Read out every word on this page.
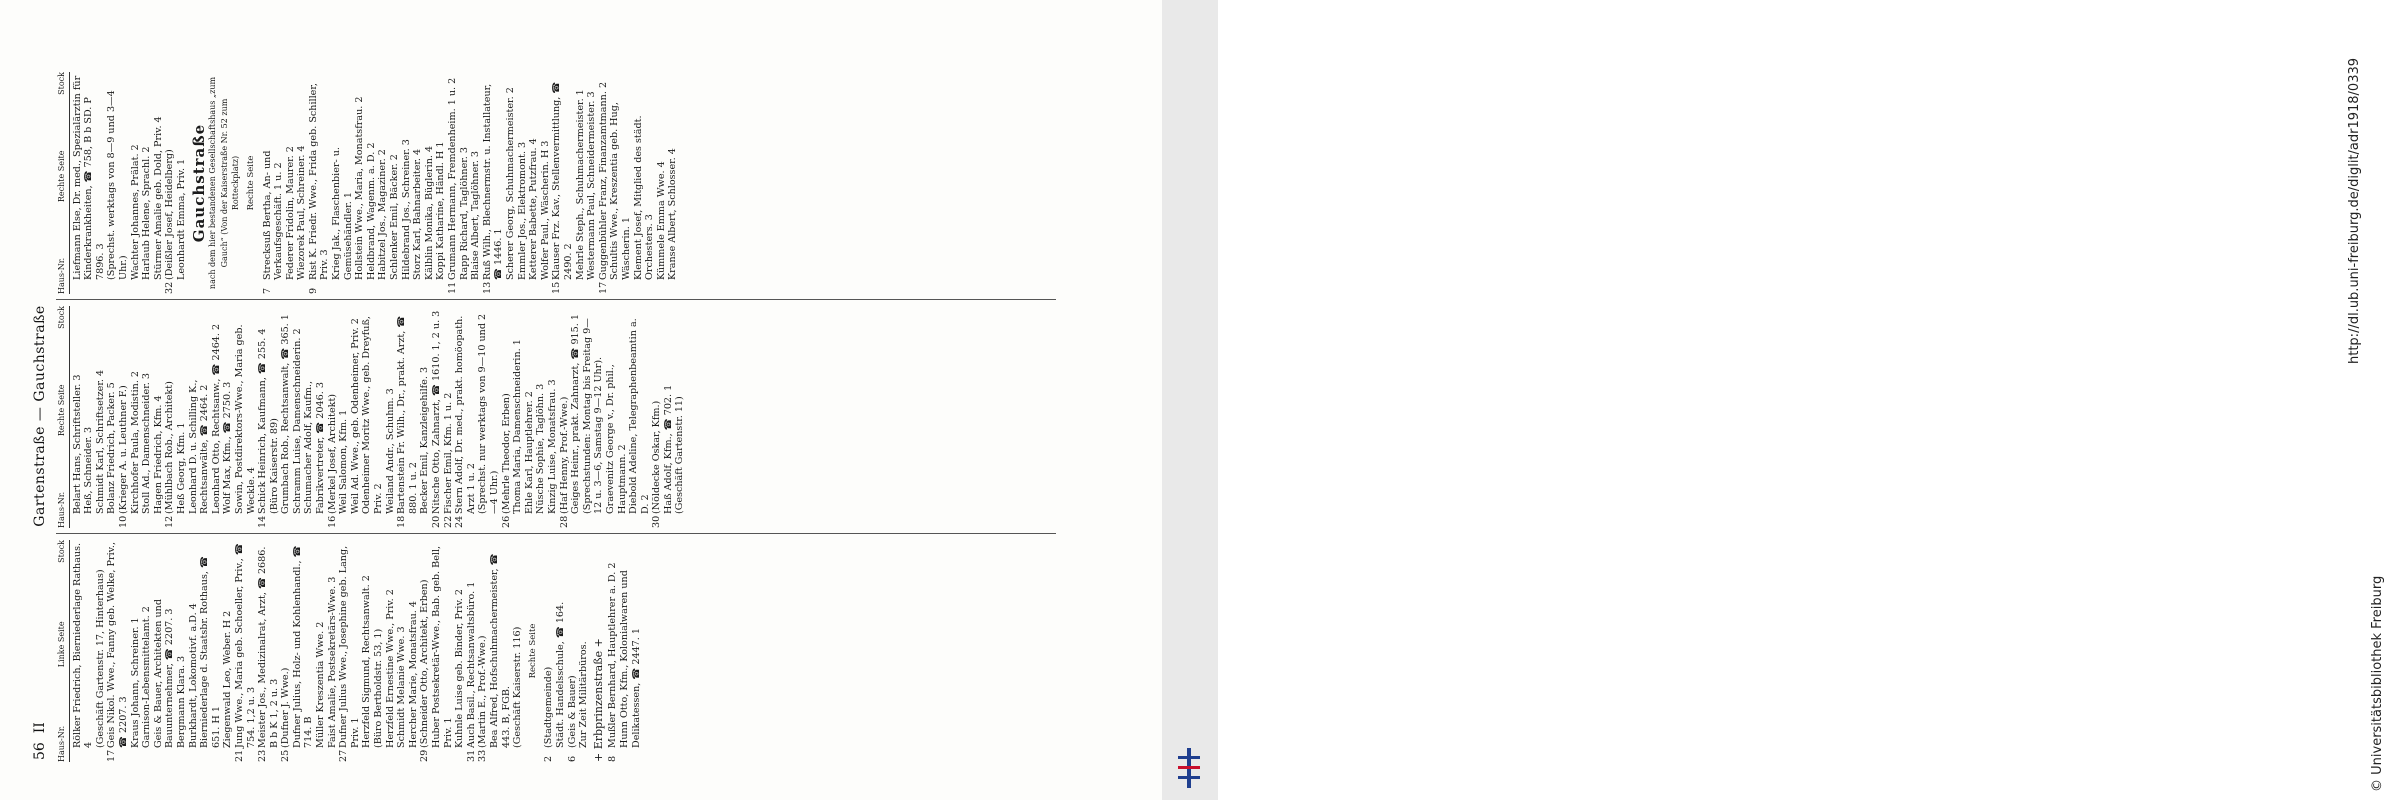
56  II
Gartenstraße — Gauchstraße
Haus-Nr.
Linke Seite
Stock Rölker Friedrich, Bierniederlage Rathaus. 4 (Geschäft Gartenstr. 17, Hinterhaus)
17
Geis Nikol. Wwe., Fanny geb. Welke, Priv., ☎ 2207. 3 Kraus Johann, Schreiner. 1 Garnison-Lebensmittelamt. 2 Geis & Bauer, Architekten und Bauunternehmer, ☎ 2207. 3 Bergmann Klara. 3 Burkhardt, Lokomotivf. a.D. 4 Bierniederlage d. Staatsbr. Rothaus, ☎ 651. H 1 Ziegenwald Leo, Weber. H 2
21
Jung Wwe., Maria geb. Schoeller, Priv., ☎ 754. 1,2 u. 3
23
Meister Jos., Medizinalrat, Arzt, ☎ 2686. B b K 1, 2 u. 3
25
(Dufner J. Wwe.) Dufner Julius, Holz- und Kohlenhandl., ☎ 714. B Müller Kreszentia Wwe. 2 Faist Amalie, Postsekretärs-Wwe. 3
27
Dufner Julius Wwe., Josephine geb. Lang, Priv. 1 Herzfeld Sigmund, Rechtsanwalt. 2 (Büro Bertholdstr. 53, 1) Herzfeld Ernestine Wwe., Priv. 2 Schmidt Melanie Wwe. 3 Hercher Marie, Monatsfrau. 4
29
(Schneider Otto, Architekt, Erben) Huber Postsekretär-Wwe., Bab. geb. Bell, Priv. 1 Kuhnle Luise geb. Binder, Priv. 2
31
Auch Basil., Rechtsanwaltsbüro. 1
33
(Martin E., Prof.-Wwe.) Bea Alfred, Hofschuhmachermeister, ☎ 443. B, FGB. (Geschäft Kaiserstr. 116) Rechte Seite
2
(Stadtgemeinde) Städt. Handelsschule, ☎ 164.
6
(Geis & Bauer) Zur Zeit Militärbüros. + Erbprinzenstraße + 8
Mußler Bernhard, Hauptlehrer a. D. 2 Hunn Otto, Kfm., Kolonialwaren und Delikatessen, ☎ 2447. 1
Haus-Nr.
Rechte Seite
Stock
Belart Hans, Schriftsteller. 3 Heß, Schneider. 3 Schmidt Karl, Schriftsetzer. 4 Bolanz Friedrich, Packer. 5
10
(Krieger A. u. Leuthner F.) Kirchhofer Paula, Modistin. 2 Stoll Ad., Damenschneider. 3 Hagen Friedrich, Kfm. 4
12
(Mühlbach Rob., Architekt) Heß Georg, Kfm. 1 Leonhard D. u. Schilling K., Rechtsanwälte, ☎ 2464. 2 Leonhard Otto, Rechtsanw., ☎ 2464. 2 Wolf Max, Kfm., ☎ 2750. 3 Sowin, Postdirektors-Wwe., Maria geb. Weckle. 4
14
Schick Heinrich, Kaufmann, ☎ 255. 4 (Büro Kaiserstr. 89) Grumbach Rob., Rechtsanwalt, ☎ 365. 1 Schramm Luise, Damenschneiderin. 2 Schumacher Adolf, Kaufm., Fabrikvertreter, ☎ 2046. 3
16
(Merkel Josef, Architekt) Weil Salomon, Kfm. 1 Weil Ad. Wwe., geb. Odenheimer, Priv. 2 Odenheimer Moritz Wwe., geb. Dreyfuß, Priv. 2 Weiland Andr., Schuhm. 3
18
Bartenstein Fr. Wilh., Dr., prakt. Arzt, ☎ 880. 1 u. 2 Becker Emil, Kanzleigehilfe. 3
20
Nitsche Otto, Zahnarzt, ☎ 1610. 1, 2 u. 3
22
Fischer Emil, Kfm. 1 u. 2
24
Stern Adolf, Dr. med., prakt. homöopath. Arzt 1 u. 2 (Sprechst. nur werktags von 9—10 und 2—4 Uhr.)
26
(Mehrle Theodor, Erben) Thoma Maria, Damenschneiderin. 1 Ehle Karl, Hauptlehrer. 2 Nüsche Sophie, Taglöhn. 3 Kinzig Luise, Monatsfrau. 3
28
(Haf Henny, Prof.-Wwe.) Geiges Heinr., prakt. Zahnarzt, ☎ 915. 1 (Sprechstunden: Montag bis Freitag 9—12 u. 3—6, Samstag 9—12 Uhr). Graevenitz George v., Dr. phil., Hauptmann. 2 Diebold Adeline, Telegraphenbeamtin a. D. 2
30
(Nöldecke Oskar, Kfm.) Haß Adolf, Kfm., ☎ 702. 1 (Geschäft Gartenstr. 11)
Haus-Nr.
Rechte Seite
Stock Liefmann Else, Dr. med., Spezialärztin für Kinderkrankheiten, ☎ 758, B b SD. P 7896. 3 (Sprechst. werktags von 8—9 und 3—4 Uhr.) Wachter Johannes, Prälat. 2 Harlaub Helene, Sprachl. 2 Stürmer Amalie geb. Dold, Priv. 4
32
(Deißler Josef, Heidelberg) Leonhardt Emma, Priv. 1 Gauchstraße nach dem hier bestandenen Gesellschaftshaus „zum Gauch“ (Von der Kaiserstraße Nr. 52 zum Rotteckplatz) Rechte Seite
7
Strecksuß Bertha, An- und Verkaufsgeschäft. 1 u. 2 Federer Fridolin, Maurer. 2 Wiezorek Paul, Schreiner. 4
9
Rist K. Friedr. Wwe., Frida geb. Schiller, Priv. 3 Krieg Jak., Flaschenbier- u. Gemüsehändler. 1 Hollstein Wwe., Maria, Monatsfrau. 2 Heldbrand, Wagenm. a. D. 2 Habitzel Jos., Magaziner. 2 Schlenker Emil, Bäcker. 2 Hildebrand Jos., Schreiner. 3 Storz Karl, Bahnarbeiter. 4 Kälblin Monika, Büglerin. 4 Koppi Katharine, Händl. H 1
11
Grumann Hermann, Fremdenheim. 1 u. 2 Rapp Richard, Taglöhner. 3 Blaise Albert, Taglöhner. 3
13
Ruß Wilh., Blechnermstr. u. Installateur, ☎ 1446. 1 Scherer Georg, Schuhmachermeister. 2 Emmler Jos., Elektromont. 3 Ketterer Babette, Putzfrau. 4 Wolfer Paul., Wäscherin. H 3
15
Klauser Frz. Kav., Stellenvermittlung, ☎ 2490. 2 Mehrle Steph., Schuhmachermeister. 1 Westermann Paul, Schneidermeister. 3
17
Guggenbühler Franz, Finanzamtmann. 2 Schultis Wwe., Kreszentia geb. Hug, Wäscherin. 1 Klement Josef, Mitglied des städt. Orchesters. 3 Kümmele Emma Wwe. 4 Kranse Albert, Schlosser. 4	http://dl.ub.uni-freiburg.de/diglit/adr1918/0339
© Universitätsbibliothek Freiburg
